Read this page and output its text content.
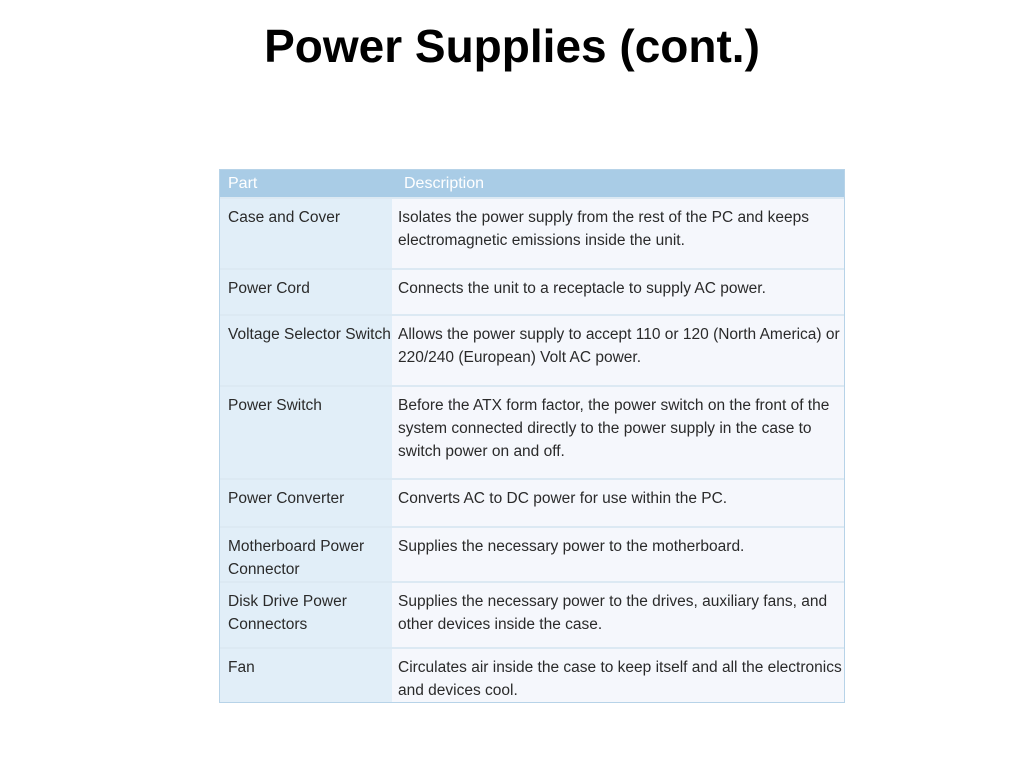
Power Supplies (cont.)
Part	Description
Case and Cover	Isolates the power supply from the rest of the PC and keeps electromagnetic emissions inside the unit.
Power Cord	Connects the unit to a receptacle to supply AC power.
Voltage Selector Switch	Allows the power supply to accept 110 or 120 (North America) or 220/240 (European) Volt AC power.
Power Switch	Before the ATX form factor, the power switch on the front of the system connected directly to the power supply in the case to switch power on and off.
Power Converter	Converts AC to DC power for use within the PC.
Motherboard Power Connector	Supplies the necessary power to the motherboard.
Disk Drive Power Connectors	Supplies the necessary power to the drives, auxiliary fans, and other devices inside the case.
Fan	Circulates air inside the case to keep itself and all the electronics and devices cool.
